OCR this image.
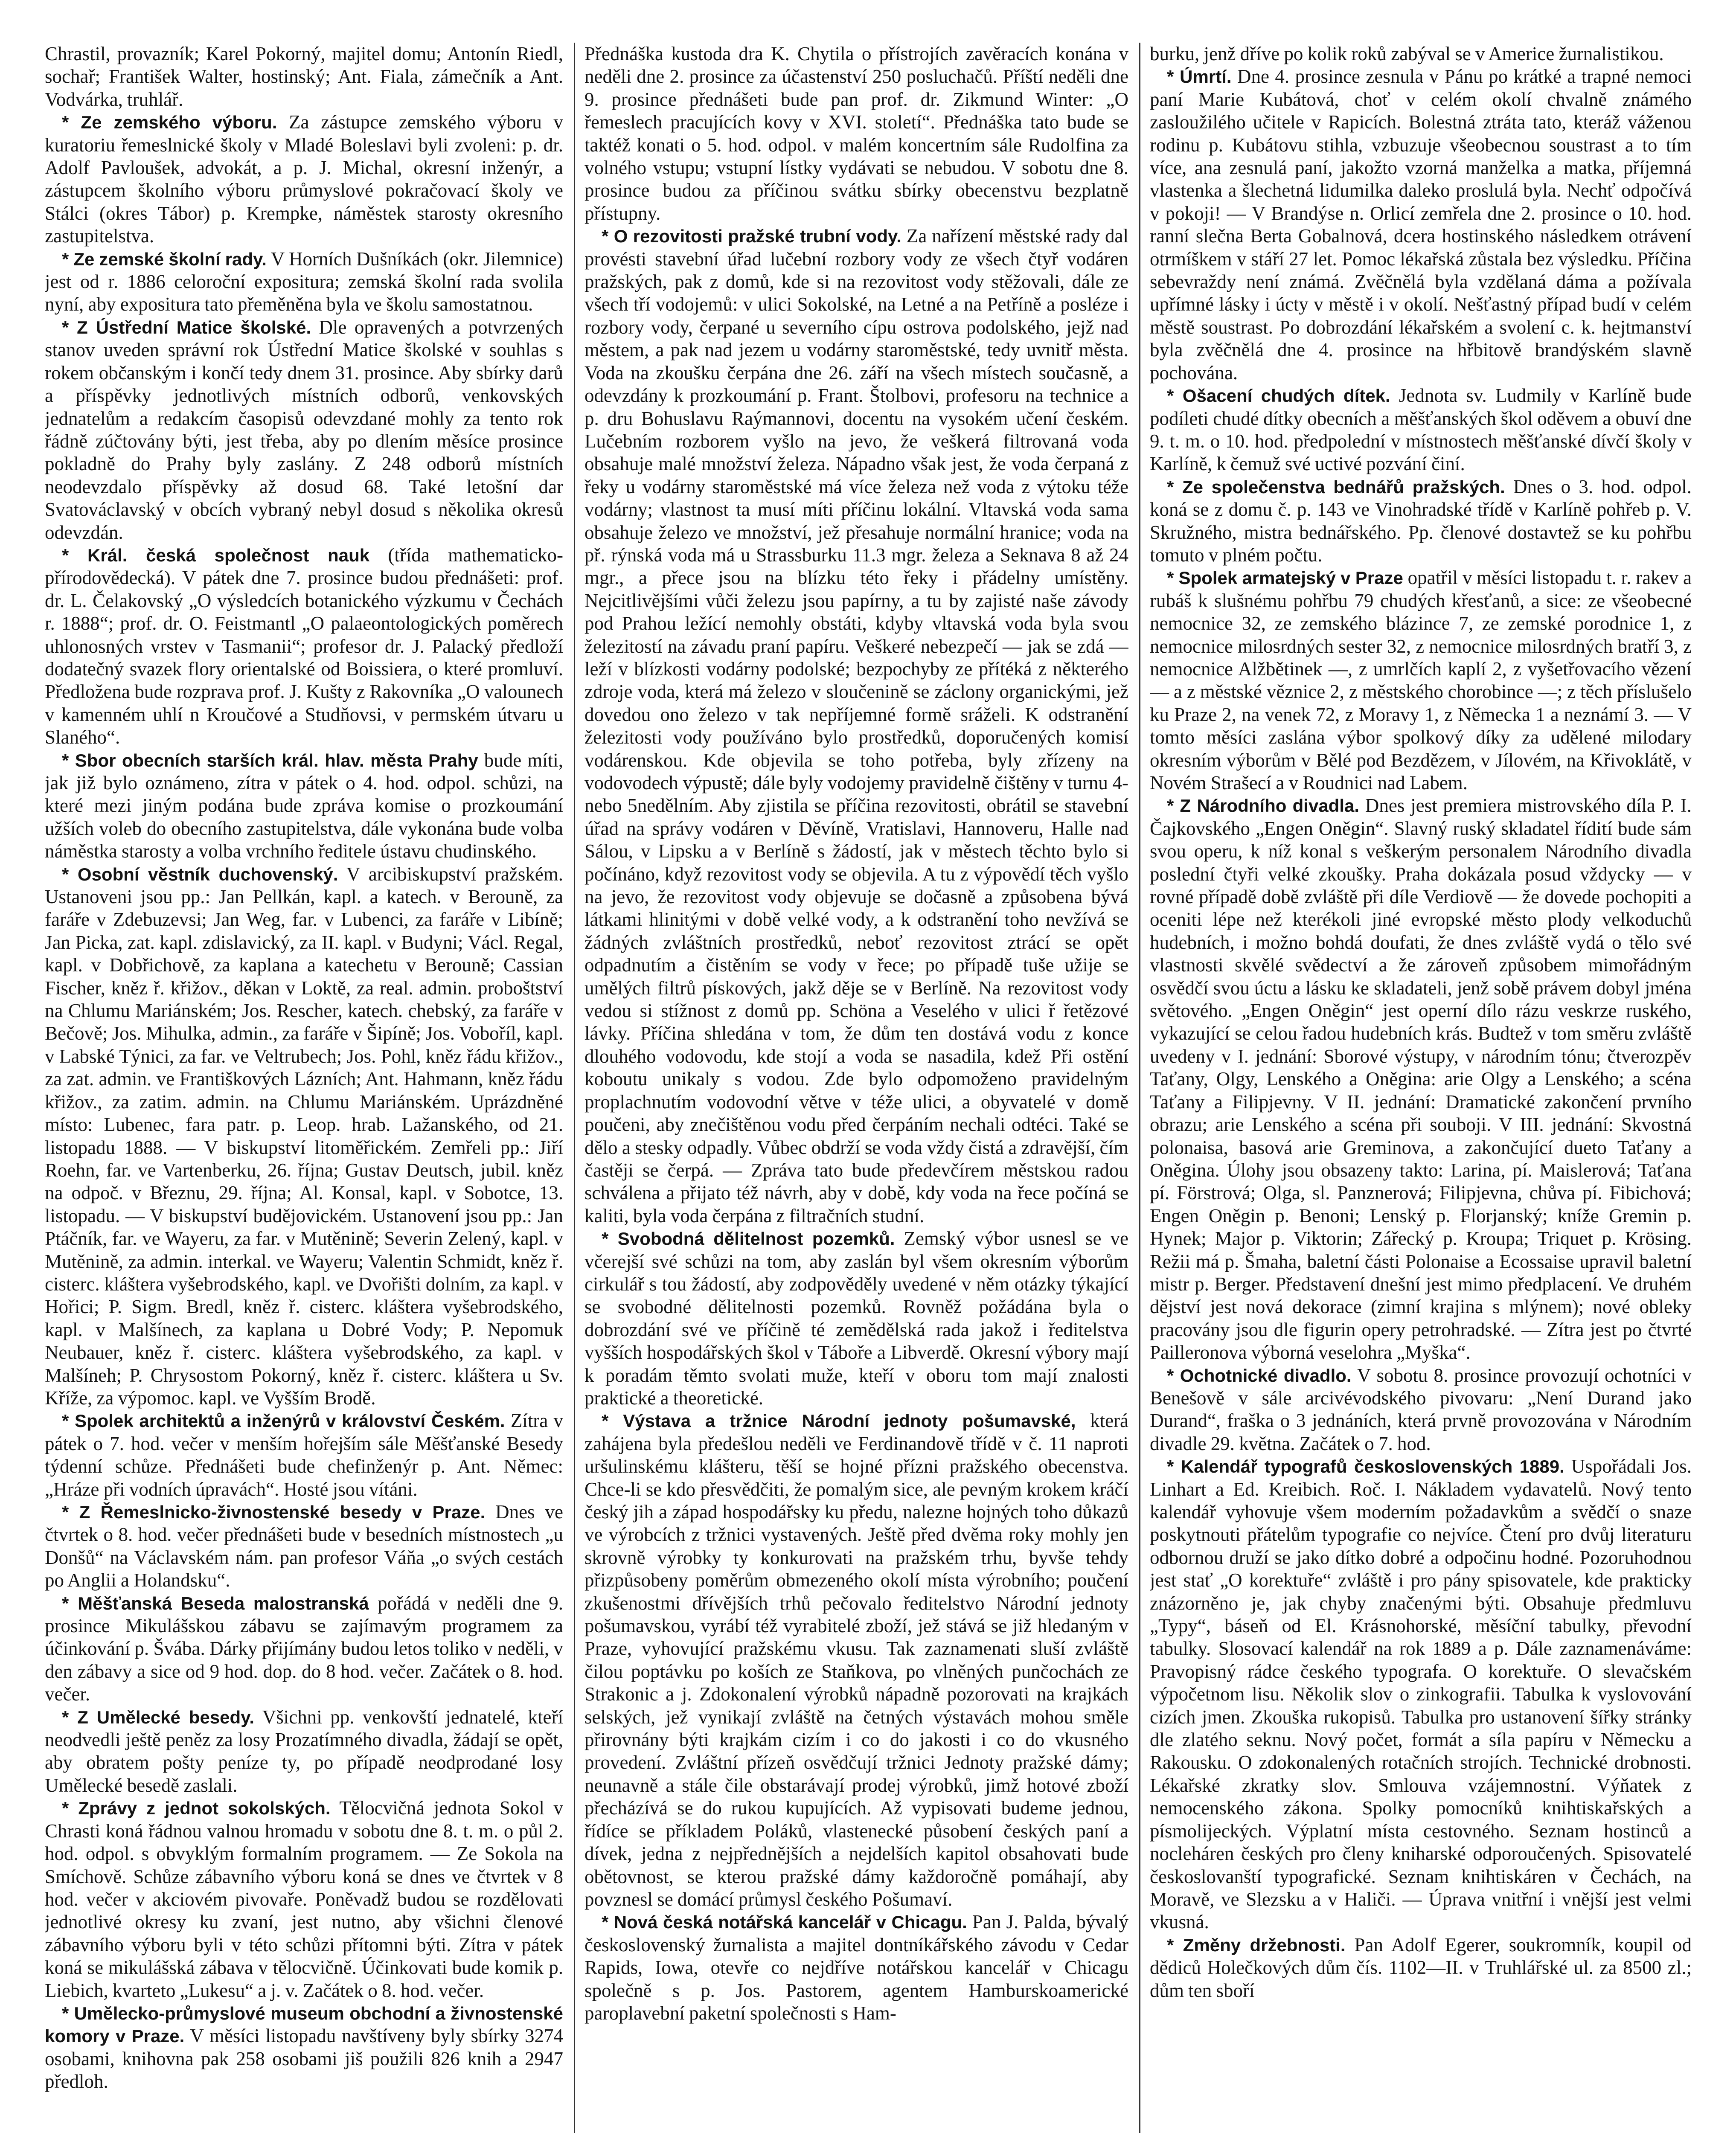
Chrastil, provazník; Karel Pokorný, majitel domu; Antonín Riedl, sochař; František Walter, hostinský; Ant. Fiala, zámečník a Ant. Vodvárka, truhlář.

* Ze zemského výboru. Za zástupce zemského výboru v kuratoriu řemeslnické školy v Mladé Boleslavi byli zvoleni: p. dr. Adolf Pavloušek, advokát, a p. J. Michal, okresní inženýr, a zástupcem školního výboru průmyslové pokračovací školy ve Stálci (okres Tábor) p. Krempke, náměstek starosty okresního zastupitelstva.

* Ze zemské školní rady. V Horních Dušníkách (okr. Jilemnice) jest od r. 1886 celoroční expositura; zemská školní rada svolila nyní, aby expositura tato přeměněna byla ve školu samostatnou.

* Z Ústřední Matice školské. Dle opravených a potvrzených stanov uveden správní rok Ústřední Matice školské v souhlas s rokem občanským i končí tedy dnem 31. prosince. Aby sbírky darů a příspěvky jednotlivých místních odborů, venkovských jednatelům a redakcím časopisů odevzdané mohly za tento rok řádně zúčtovány býti, jest třeba, aby po dlením měsíce prosince pokladně do Prahy byly zaslány. Z 248 odborů místních neodevzdalo příspěvky až dosud 68. Také letošní dar Svatováclavský v obcích vybraný nebyl dosud s několika okresů odevzdán.

* Král. česká společnost nauk (třída mathematicko-přírodovědecká). V pátek dne 7. prosince budou přednášeti: prof. dr. L. Čelakovský „O výsledcích botanického výzkumu v Čechách r. 1888“; prof. dr. O. Feistmantl „O palaeontologických poměrech uhlonosných vrstev v Tasmanii“; profesor dr. J. Palacký předloží dodatečný svazek flory orientalské od Boissiera, o které promluví. Předložena bude rozprava prof. J. Kušty z Rakovníka „O valounech v kamenném uhlí n Kroučové a Studňovsi, v permském útvaru u Slaného“.

* Sbor obecních starších král. hlav. města Prahy bude míti, jak již bylo oznámeno, zítra v pátek o 4. hod. odpol. schůzi, na které mezi jiným podána bude zpráva komise o prozkoumání užších voleb do obecního zastupitelstva, dále vykonána bude volba náměstka starosty a volba vrchního ředitele ústavu chudinského.

* Osobní věstník duchovenský. V arcibiskupství pražském. Ustanoveni jsou pp.: Jan Pellkán, kapl. a katech. v Berouně, za faráře v Zdebuzevsi; Jan Weg, far. v Lubenci, za faráře v Libíně; Jan Picka, zat. kapl. zdislavický, za II. kapl. v Budyni; Václ. Regal, kapl. v Dobřichově, za kaplana a katechetu v Berouně; Cassian Fischer, kněz ř. křižov., děkan v Loktě, za real. admin. proboštství na Chlumu Mariánském; Jos. Rescher, katech. chebský, za faráře v Bečově; Jos. Mihulka, admin., za faráře v Šipíně; Jos. Voboříl, kapl. v Labské Týnici, za far. ve Veltrubech; Jos. Pohl, kněz řádu křižov., za zat. admin. ve Františkových Lázních; Ant. Hahmann, kněz řádu křižov., za zatim. admin. na Chlumu Mariánském. Uprázdněné místo: Lubenec, fara patr. p. Leop. hrab. Lažanského, od 21. listopadu 1888. — V biskupství litoměřickém. Zemřeli pp.: Jiří Roehn, far. ve Vartenberku, 26. října; Gustav Deutsch, jubil. kněz na odpoč. v Březnu, 29. října; Al. Konsal, kapl. v Sobotce, 13. listopadu. — V biskupství budějovickém. Ustanovení jsou pp.: Jan Ptáčník, far. ve Wayeru, za far. v Mutěnině; Severin Zelený, kapl. v Mutěnině, za admin. interkal. ve Wayeru; Valentin Schmidt, kněz ř. cisterc. kláštera vyšebrodského, kapl. ve Dvořišti dolním, za kapl. v Hořici; P. Sigm. Bredl, kněz ř. cisterc. kláštera vyšebrodského, kapl. v Malšínech, za kaplana u Dobré Vody; P. Nepomuk Neubauer, kněz ř. cisterc. kláštera vyšebrodského, za kapl. v Malšíneh; P. Chrysostom Pokorný, kněz ř. cisterc. kláštera u Sv. Kříže, za výpomoc. kapl. ve Vyšším Brodě.

* Spolek architektů a inženýrů v království Českém. Zítra v pátek o 7. hod. večer v menším hořejším sále Měšťanské Besedy týdenní schůze. Přednášeti bude chefinženýr p. Ant. Němec: „Hráze při vodních úpravách“. Hosté jsou vítáni.

* Z Řemeslnicko-živnostenské besedy v Praze. Dnes ve čtvrtek o 8. hod. večer přednášeti bude v besedních místnostech „u Donšů“ na Václavském nám. pan profesor Váňa „o svých cestách po Anglii a Holandsku“.

* Měšťanská Beseda malostranská pořádá v neděli dne 9. prosince Mikulášskou zábavu se zajímavým programem za účinkování p. Švába. Dárky přijímány budou letos toliko v neděli, v den zábavy a sice od 9 hod. dop. do 8 hod. večer. Začátek o 8. hod. večer.

* Z Umělecké besedy. Všichni pp. venkovští jednatelé, kteří neodvedli ještě peněz za losy Prozatímného divadla, žádají se opět, aby obratem pošty peníze ty, po případě neodprodané losy Umělecké besedě zaslali.

* Zprávy z jednot sokolských. Tělocvičná jednota Sokol v Chrasti koná řádnou valnou hromadu v sobotu dne 8. t. m. o půl 2. hod. odpol. s obvyklým formalním programem. — Ze Sokola na Smíchově. Schůze zábavního výboru koná se dnes ve čtvrtek v 8 hod. večer v akciovém pivovaře. Poněvadž budou se rozdělovati jednotlivé okresy ku zvaní, jest nutno, aby všichni členové zábavního výboru byli v této schůzi přítomni býti. Zítra v pátek koná se mikulášská zábava v tělocvičně. Účinkovati bude komik p. Liebich, kvarteto „Lukesu“ a j. v. Začátek o 8. hod. večer.

* Umělecko-průmyslové museum obchodní a živnostenské komory v Praze. V měsíci listopadu navštíveny byly sbírky 3274 osobami, knihovna pak 258 osobami jiš použili 826 knih a 2947 předloh.

Přednáška kustoda dra K. Chytila o přístrojích zavěracích konána v neděli dne 2. prosince za účastenství 250 posluchačů. Příští neděli dne 9. prosince přednášeti bude pan prof. dr. Zikmund Winter: „O řemeslech pracujících kovy v XVI. století“. Přednáška tato bude se taktéž konati o 5. hod. odpol. v malém koncertním sále Rudolfina za volného vstupu; vstupní lístky vydávati se nebudou. V sobotu dne 8. prosince budou za příčinou svátku sbírky obecenstvu bezplatně přístupny.

* O rezovitosti pražské trubní vody. Za nařízení městské rady dal provésti stavební úřad lučební rozbory vody ze všech čtyř vodáren pražských, pak z domů, kde si na rezovitost vody stěžovali, dále ze všech tří vodojemů: v ulici Sokolské, na Letné a na Petříně a posléze i rozbory vody, čerpané u severního cípu ostrova podolského, jejž nad městem, a pak nad jezem u vodárny staroměstské, tedy uvnitř města. Voda na zkoušku čerpána dne 26. září na všech místech současně, a odevzdány k prozkoumání p. Frant. Štolbovi, profesoru na technice a p. dru Bohuslavu Raýmannovi, docentu na vysokém učení českém. Lučebním rozborem vyšlo na jevo, že veškerá filtrovaná voda obsahuje malé množství železa. Nápadno však jest, že voda čerpaná z řeky u vodárny staroměstské má více železa než voda z výtoku téže vodárny; vlastnost ta musí míti příčinu lokální. Vltavská voda sama obsahuje železo ve množství, jež přesahuje normální hranice; voda na př. rýnská voda má u Strassburku 11.3 mgr. železa a Seknava 8 až 24 mgr., a přece jsou na blízku této řeky i přádelny umístěny. Nejcitlivějšími vůči železu jsou papírny, a tu by zajisté naše závody pod Prahou ležící nemohly obstáti, kdyby vltavská voda byla svou železitostí na závadu praní papíru. Veškeré nebezpečí — jak se zdá — leží v blízkosti vodárny podolské; bezpochyby ze přítéká z některého zdroje voda, která má železo v sloučenině se záclony organickými, jež dovedou ono železo v tak nepříjemné formě sráželi. K odstranění železitosti vody používáno bylo prostředků, doporučených komisí vodárenskou. Kde objevila se toho potřeba, byly zřízeny na vodovodech výpustě; dále byly vodojemy pravidelně čištěny v turnu 4- nebo 5nedělním. Aby zjistila se příčina rezovitosti, obrátil se stavební úřad na správy vodáren v Děvíně, Vratislavi, Hannoveru, Halle nad Sálou, v Lipsku a v Berlíně s žádostí, jak v městech těchto bylo si počínáno, když rezovitost vody se objevila. A tu z výpovědí těch vyšlo na jevo, že rezovitost vody objevuje se dočasně a způsobena bývá látkami hlinitými v době velké vody, a k odstranění toho nevžívá se žádných zvláštních prostředků, neboť rezovitost ztrácí se opět odpadnutím a čistěním se vody v řece; po případě tuše užije se umělých filtrů pískových, jakž děje se v Berlíně. Na rezovitost vody vedou si stížnost z domů pp. Schöna a Veselého v ulici ř řetězové lávky. Příčina shledána v tom, že dům ten dostává vodu z konce dlouhého vodovodu, kde stojí a voda se nasadila, kdež Při ostění koboutu unikaly s vodou. Zde bylo odpomoženo pravidelným proplachnutím vodovodní větve v téže ulici, a obyvatelé v domě poučeni, aby znečištěnou vodu před čerpáním nechali odtéci. Také se dělo a stesky odpadly. Vůbec obdrží se voda vždy čistá a zdravější, čím častěji se čerpá. — Zpráva tato bude předevčírem městskou radou schválena a přijato též návrh, aby v době, kdy voda na řece počíná se kaliti, byla voda čerpána z filtračních studní.

* Svobodná dělitelnost pozemků. Zemský výbor usnesl se ve včerejší své schůzi na tom, aby zaslán byl všem okresním výborům cirkulář s tou žádostí, aby zodpověděly uvedené v něm otázky týkající se svobodné dělitelnosti pozemků. Rovněž požádána byla o dobrozdání své ve příčině té zemědělská rada jakož i ředitelstva vyšších hospodářských škol v Táboře a Libverdě. Okresní výbory mají k poradám těmto svolati muže, kteří v oboru tom mají znalosti praktické a theoretické.

* Výstava a tržnice Národní jednoty pošumavské, která zahájena byla předešlou neděli ve Ferdinandově třídě v č. 11 naproti uršulinskému klášteru, těší se hojné přízni pražského obecenstva. Chce-li se kdo přesvědčiti, že pomalým sice, ale pevným krokem kráčí český jih a západ hospodářsky ku předu, nalezne hojných toho důkazů ve výrobcích z tržnici vystavených. Ještě před dvěma roky mohly jen skrovně výrobky ty konkurovati na pražském trhu, byvše tehdy přizpůsobeny poměrům obmezeného okolí místa výrobního; poučení zkušenostmi dřívějších trhů pečovalo ředitelstvo Národní jednoty pošumavskou, vyrábí též vyrabitelé zboží, jež stává se již hledaným v Praze, vyhovující pražskému vkusu. Tak zaznamenati sluší zvláště čilou poptávku po koších ze Staňkova, po vlněných punčochách ze Strakonic a j. Zdokonalení výrobků nápadně pozorovati na krajkách selských, jež vynikají zvláště na četných výstavách mohou směle přirovnány býti krajkám cizím i co do jakosti i co do vkusného provedení. Zvláštní přízeň osvědčují tržnici Jednoty pražské dámy; neunavně a stále čile obstarávají prodej výrobků, jimž hotové zboží přecházívá se do rukou kupujících. Až vypisovati budeme jednou, řídíce se příkladem Poláků, vlastenecké působení českých paní a dívek, jedna z nejpřednějších a nejdelších kapitol obsahovati bude obětovnost, se kterou pražské dámy každoročně pomáhají, aby povznesl se domácí průmysl českého Pošumaví.

* Nová česká notářská kancelář v Chicagu. Pan J. Palda, bývalý československý žurnalista a majitel dontníkářského závodu v Cedar Rapids, Iowa, otevře co nejdříve notářskou kancelář v Chicagu společně s p. Jos. Pastorem, agentem Hamburskoamerické paroplavební paketní společnosti s Ham-

burku, jenž dříve po kolik roků zabýval se v Americe žurnalistikou.

* Úmrtí. Dne 4. prosince zesnula v Pánu po krátké a trapné nemoci paní Marie Kubátová, choť v celém okolí chvalně známého zasloužilého učitele v Rapicích. Bolestná ztráta tato, kteráž váženou rodinu p. Kubátovu stihla, vzbuzuje všeobecnou soustrast a to tím více, ana zesnulá paní, jakožto vzorná manželka a matka, příjemná vlastenka a šlechetná lidumilka daleko proslulá byla. Nechť odpočívá v pokoji! — V Brandýse n. Orlicí zemřela dne 2. prosince o 10. hod. ranní slečna Berta Gobalnová, dcera hostinského následkem otrávení otrmíškem v stáří 27 let. Pomoc lékařská zůstala bez výsledku. Příčina sebevraždy není známá. Zvěčnělá byla vzdělaná dáma a požívala upřímné lásky i úcty v městě i v okolí. Nešťastný případ budí v celém městě soustrast. Po dobrozdání lékařském a svolení c. k. hejtmanství byla zvěčnělá dne 4. prosince na hřbitově brandýském slavně pochována.

* Ošacení chudých dítek. Jednota sv. Ludmily v Karlíně bude podíleti chudé dítky obecních a měšťanských škol oděvem a obuví dne 9. t. m. o 10. hod. předpolední v místnostech měšťanské dívčí školy v Karlíně, k čemuž své uctivé pozvání činí.

* Ze společenstva bednářů pražských. Dnes o 3. hod. odpol. koná se z domu č. p. 143 ve Vinohradské třídě v Karlíně pohřeb p. V. Skružného, mistra bednářského. Pp. členové dostavtež se ku pohřbu tomuto v plném počtu.

* Spolek armatejský v Praze opatřil v měsíci listopadu t. r. rakev a rubáš k slušnému pohřbu 79 chudých křesťanů, a sice: ze všeobecné nemocnice 32, ze zemského blázince 7, ze zemské porodnice 1, z nemocnice milosrdných sester 32, z nemocnice milosrdných bratří 3, z nemocnice Alžbětinek —, z umrlčích kaplí 2, z vyšetřovacího vězení — a z městské věznice 2, z městského chorobince —; z těch příslušelo ku Praze 2, na venek 72, z Moravy 1, z Německa 1 a neznámí 3. — V tomto měsíci zaslána výbor spolkový díky za udělené milodary okresním výborům v Bělé pod Bezdězem, v Jílovém, na Křivoklátě, v Novém Strašecí a v Roudnici nad Labem.

* Z Národního divadla. Dnes jest premiera mistrovského díla P. I. Čajkovského „Engen Oněgin“. Slavný ruský skladatel řídití bude sám svou operu, k níž konal s veškerým personalem Národního divadla poslední čtyři velké zkoušky. Praha dokázala posud vždycky — v rovné případě době zvláště při díle Verdiově — že dovede pochopiti a oceniti lépe než kterékoli jiné evropské město plody velkoduchů hudebních, i možno bohdá doufati, že dnes zvláště vydá o tělo své vlastnosti skvělé svědectví a že zároveň způsobem mimořádným osvědčí svou úctu a lásku ke skladateli, jenž sobě právem dobyl jména světového. „Engen Oněgin“ jest operní dílo rázu veskrze ruského, vykazující se celou řadou hudebních krás. Budtež v tom směru zvláště uvedeny v I. jednání: Sborové výstupy, v národním tónu; čtverozpěv Taťany, Olgy, Lenského a Oněgina: arie Olgy a Lenského; a scéna Taťany a Filipjevny. V II. jednání: Dramatické zakončení prvního obrazu; arie Lenského a scéna při souboji. V III. jednání: Skvostná polonaisa, basová arie Greminova, a zakončující dueto Taťany a Oněgina. Úlohy jsou obsazeny takto: Larina, pí. Maislerová; Taťana pí. Förstrová; Olga, sl. Panznerová; Filipjevna, chůva pí. Fibichová; Engen Oněgin p. Benoni; Lenský p. Florjanský; kníže Gremin p. Hynek; Major p. Viktorin; Zářecký p. Kroupa; Triquet p. Krösing. Režii má p. Šmaha, baletní části Polonaise a Ecossaise upravil baletní mistr p. Berger. Představení dnešní jest mimo předplacení. Ve druhém dějství jest nová dekorace (zimní krajina s mlýnem); nové obleky pracovány jsou dle figurin opery petrohradské. — Zítra jest po čtvrté Pailleronova výborná veselohra „Myška“.

* Ochotnické divadlo. V sobotu 8. prosince provozují ochotníci v Benešově v sále arcivévodského pivovaru: „Není Durand jako Durand“, fraška o 3 jednáních, která prvně provozována v Národním divadle 29. května. Začátek o 7. hod.

* Kalendář typografů československých 1889. Uspořádali Jos. Linhart a Ed. Kreibich. Roč. I. Nákladem vydavatelů. Nový tento kalendář vyhovuje všem moderním požadavkům a svědčí o snaze poskytnouti přátelům typografie co nejvíce. Čtení pro dvůj literaturu odbornou druží se jako dítko dobré a odpočinu hodné. Pozoruhodnou jest stať „O korektuře“ zvláště i pro pány spisovatele, kde prakticky znázorněno je, jak chyby značenými býti. Obsahuje předmluvu „Typy“, báseň od El. Krásnohorské, měsíční tabulky, převodní tabulky. Slosovací kalendář na rok 1889 a p. Dále zaznamenáváme: Pravopisný rádce českého typografa. O korektuře. O slevačském výpočetnom lisu. Několik slov o zinkografii. Tabulka k vyslovování cizích jmen. Zkouška rukopisů. Tabulka pro ustanovení šířky stránky dle zlatého seknu. Nový počet, formát a síla papíru v Německu a Rakousku. O zdokonalených rotačních strojích. Technické drobnosti. Lékařské zkratky slov. Smlouva vzájemnostní. Výňatek z nemocenského zákona. Spolky pomocníků knihtiskařských a písmolijeckých. Výplatní místa cestovného. Seznam hostinců a nocleháren českých pro členy kniharské odporoučených. Spisovatelé českoslovanští typografické. Seznam knihtiskáren v Čechách, na Moravě, ve Slezsku a v Haliči. — Úprava vnitřní i vnější jest velmi vkusná.

* Změny držebnosti. Pan Adolf Egerer, soukromník, koupil od dědiců Holečkových dům čís. 1102—II. v Truhlářské ul. za 8500 zl.; dům ten sboří
